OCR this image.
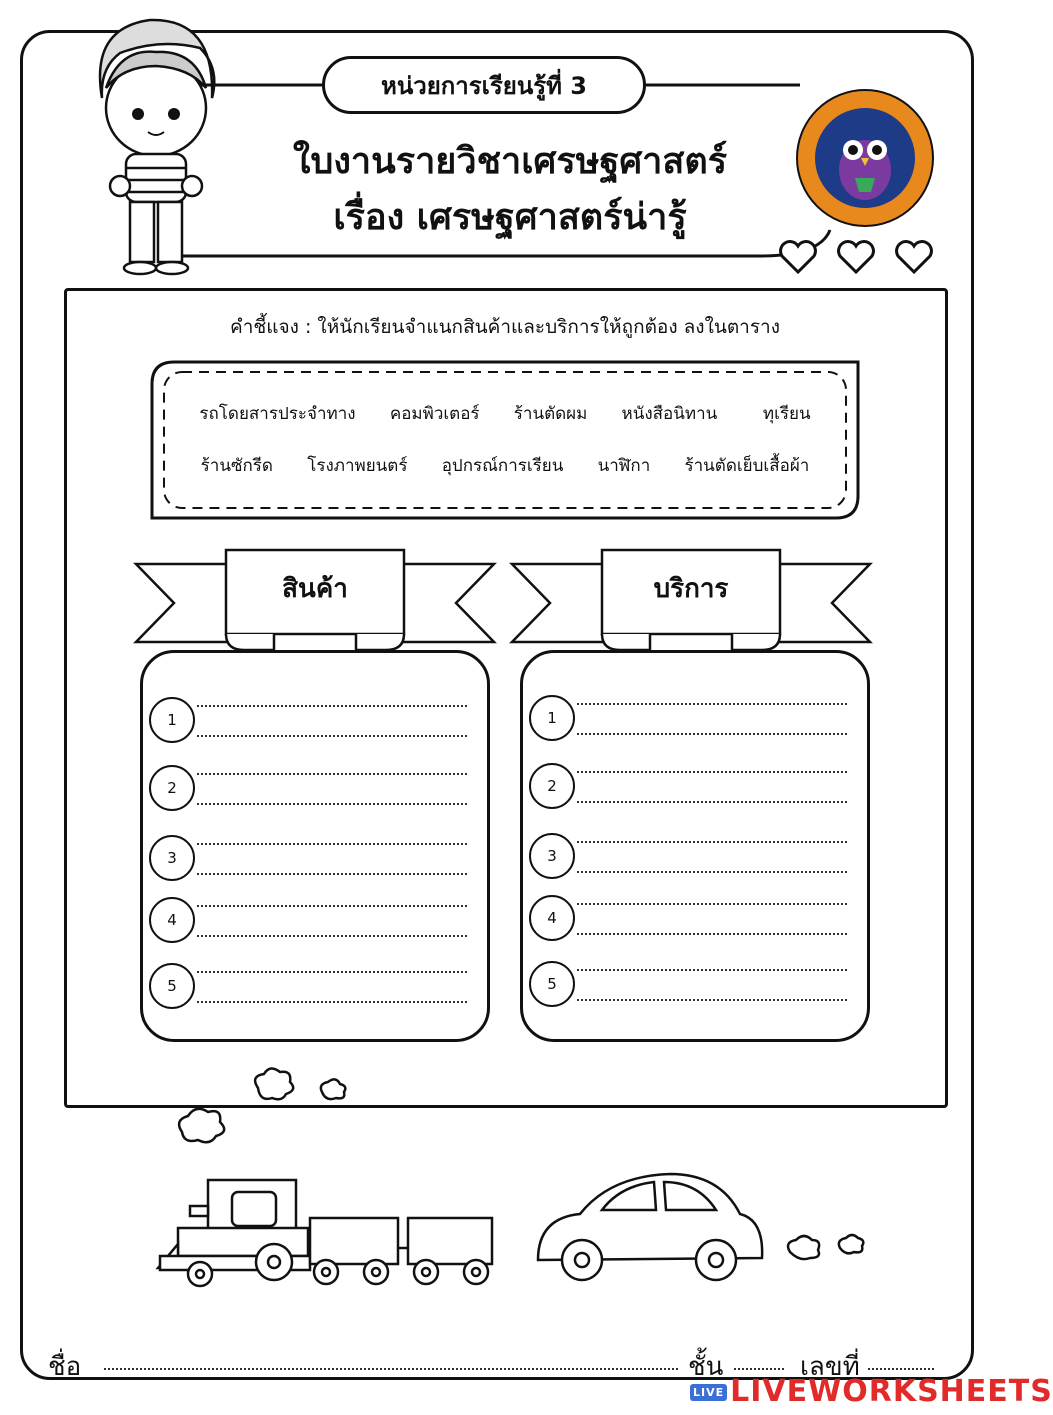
หน่วยการเรียนรู้ที่ 3
ใบงานรายวิชาเศรษฐศาสตร์
เรื่อง เศรษฐศาสตร์น่ารู้
คำชี้แจง : ให้นักเรียนจำแนกสินค้าและบริการให้ถูกต้อง ลงในตาราง
รถโดยสารประจำทาง คอมพิวเตอร์ ร้านตัดผม หนังสือนิทาน	ทุเรียน
ร้านซักรีด โรงภาพยนตร์ อุปกรณ์การเรียน นาฬิกา ร้านตัดเย็บเสื้อผ้า
สินค้า	บริการ
1
2
3
4
5
1
2
3
4
5
ชื่อ	ชั้น	เลขที่
LIVE LIVEWORKSHEETS
